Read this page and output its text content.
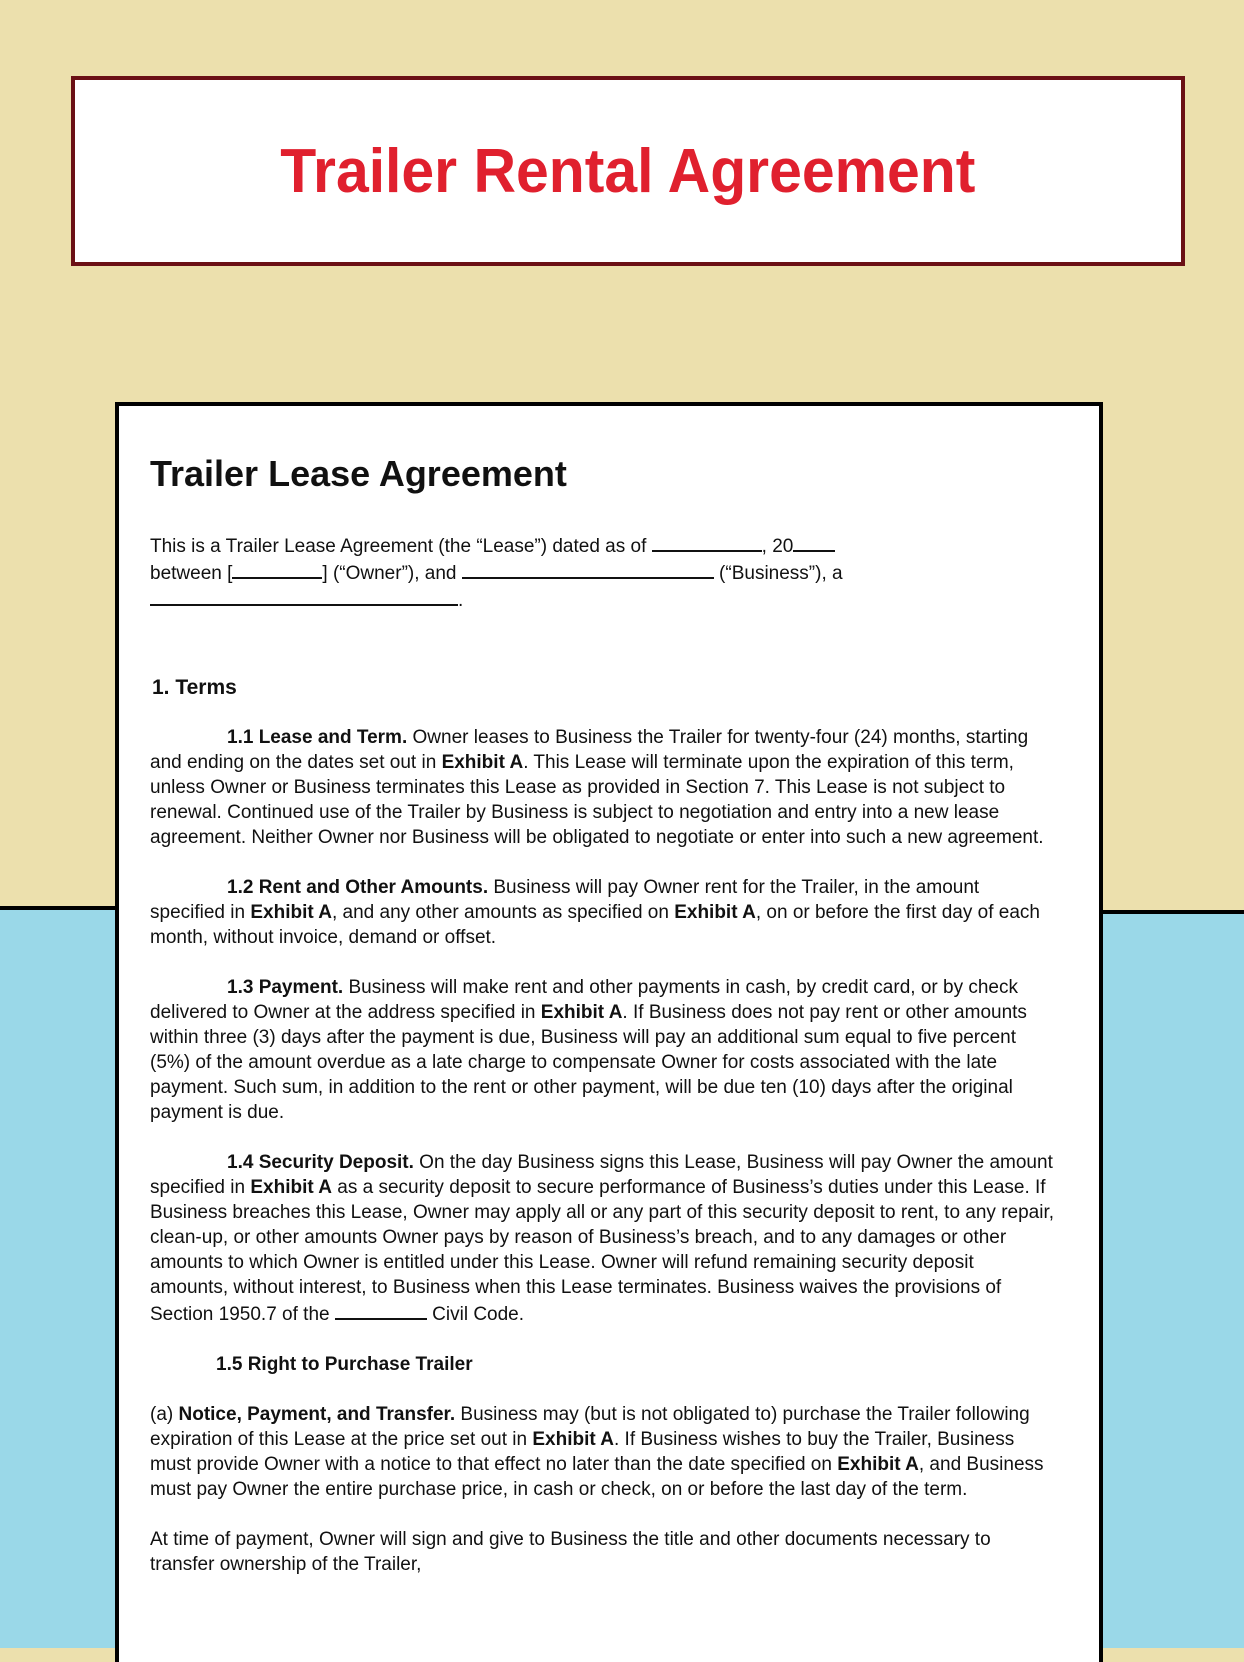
Trailer Rental Agreement
Trailer Lease Agreement

This is a Trailer Lease Agreement (the “Lease”) dated as of	, 20
between [	] (“Owner”), and	(“Business”), a
.

1. Terms

1.1 Lease and Term. Owner leases to Business the Trailer for twenty-four (24) months, starting and ending on the dates set out in Exhibit A. This Lease will terminate upon the expiration of this term, unless Owner or Business terminates this Lease as provided in Section 7. This Lease is not subject to renewal. Continued use of the Trailer by Business is subject to negotiation and entry into a new lease agreement. Neither Owner nor Business will be obligated to negotiate or enter into such a new agreement.

1.2 Rent and Other Amounts. Business will pay Owner rent for the Trailer, in the amount specified in Exhibit A, and any other amounts as specified on Exhibit A, on or before the first day of each month, without invoice, demand or offset.

1.3 Payment. Business will make rent and other payments in cash, by credit card, or by check delivered to Owner at the address specified in Exhibit A. If Business does not pay rent or other amounts within three (3) days after the payment is due, Business will pay an additional sum equal to five percent (5%) of the amount overdue as a late charge to compensate Owner for costs associated with the late payment. Such sum, in addition to the rent or other payment, will be due ten (10) days after the original payment is due.

1.4 Security Deposit. On the day Business signs this Lease, Business will pay Owner the amount specified in Exhibit A as a security deposit to secure performance of Business’s duties under this Lease. If Business breaches this Lease, Owner may apply all or any part of this security deposit to rent, to any repair, clean-up, or other amounts Owner pays by reason of Business’s breach, and to any damages or other amounts to which Owner is entitled under this Lease. Owner will refund remaining security deposit amounts, without interest, to Business when this Lease terminates. Business waives the provisions of Section 1950.7 of the	Civil Code.

1.5 Right to Purchase Trailer

(a) Notice, Payment, and Transfer. Business may (but is not obligated to) purchase the Trailer following expiration of this Lease at the price set out in Exhibit A. If Business wishes to buy the Trailer, Business must provide Owner with a notice to that effect no later than the date specified on Exhibit A, and Business must pay Owner the entire purchase price, in cash or check, on or before the last day of the term.

At time of payment, Owner will sign and give to Business the title and other documents necessary to transfer ownership of the Trailer,
